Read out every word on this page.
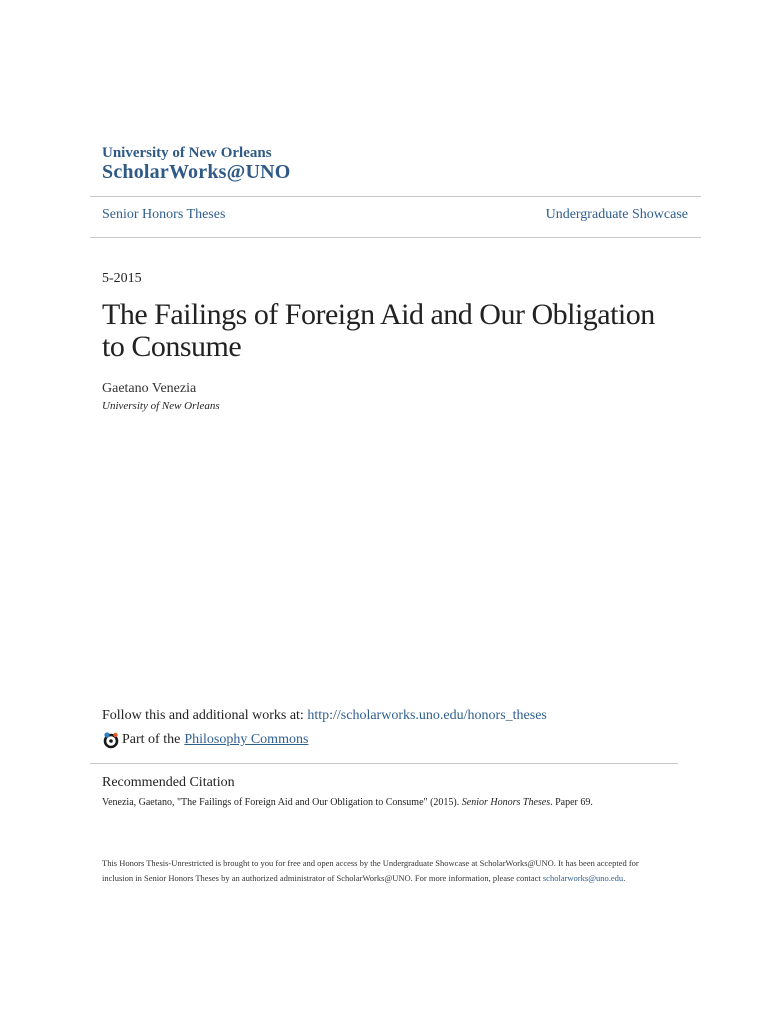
University of New Orleans
ScholarWorks@UNO
Senior Honors Theses	Undergraduate Showcase
5-2015
The Failings of Foreign Aid and Our Obligation to Consume
Gaetano Venezia
University of New Orleans
Follow this and additional works at: http://scholarworks.uno.edu/honors_theses
Part of the Philosophy Commons
Recommended Citation
Venezia, Gaetano, "The Failings of Foreign Aid and Our Obligation to Consume" (2015). Senior Honors Theses. Paper 69.
This Honors Thesis-Unrestricted is brought to you for free and open access by the Undergraduate Showcase at ScholarWorks@UNO. It has been accepted for inclusion in Senior Honors Theses by an authorized administrator of ScholarWorks@UNO. For more information, please contact scholarworks@uno.edu.
